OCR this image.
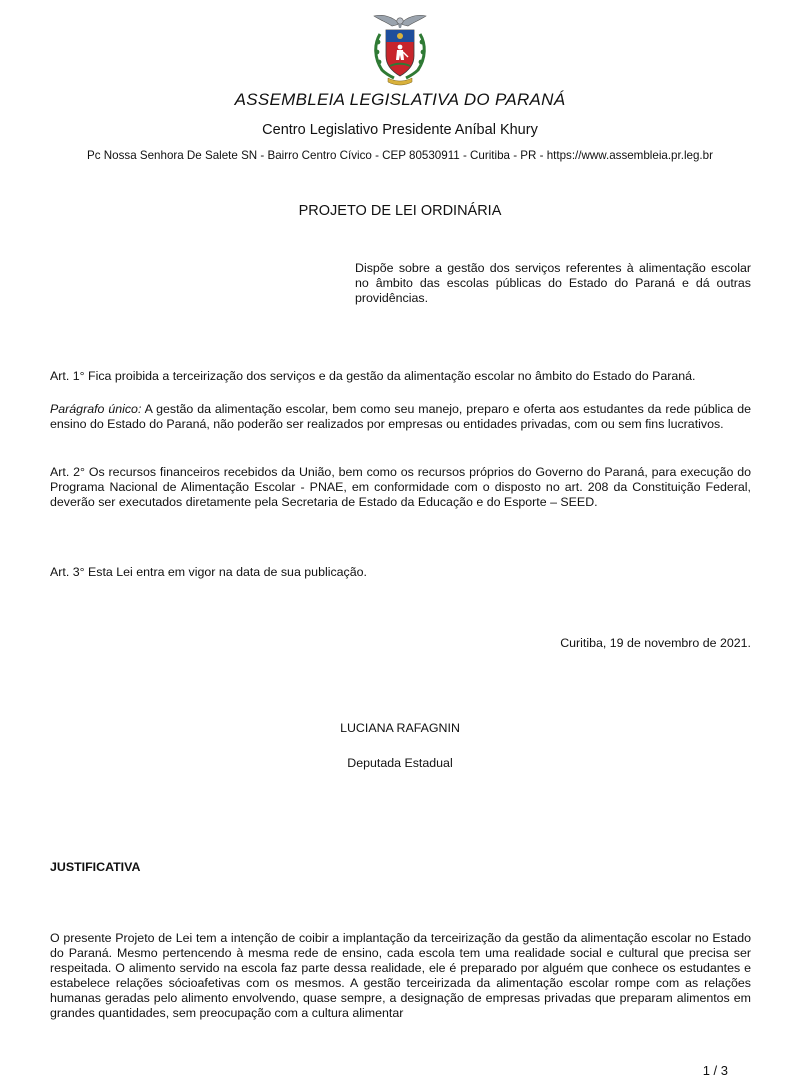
ASSEMBLEIA LEGISLATIVA DO PARANÁ
Centro Legislativo Presidente Aníbal Khury
Pc Nossa Senhora De Salete SN - Bairro Centro Cívico - CEP 80530911 - Curitiba - PR - https://www.assembleia.pr.leg.br
PROJETO DE LEI ORDINÁRIA
Dispõe sobre a gestão dos serviços referentes à alimentação escolar no âmbito das escolas públicas do Estado do Paraná e dá outras providências.
Art. 1° Fica proibida a terceirização dos serviços e da gestão da alimentação escolar no âmbito do Estado do Paraná.
Parágrafo único: A gestão da alimentação escolar, bem como seu manejo, preparo e oferta aos estudantes da rede pública de ensino do Estado do Paraná, não poderão ser realizados por empresas ou entidades privadas, com ou sem fins lucrativos.
Art. 2° Os recursos financeiros recebidos da União, bem como os recursos próprios do Governo do Paraná, para execução do Programa Nacional de Alimentação Escolar - PNAE, em conformidade com o disposto no art. 208 da Constituição Federal, deverão ser executados diretamente pela Secretaria de Estado da Educação e do Esporte – SEED.
Art. 3° Esta Lei entra em vigor na data de sua publicação.
Curitiba, 19 de novembro de 2021.
LUCIANA RAFAGNIN
Deputada Estadual
JUSTIFICATIVA
O presente Projeto de Lei tem a intenção de coibir a implantação da terceirização da gestão da alimentação escolar no Estado do Paraná. Mesmo pertencendo à mesma rede de ensino, cada escola tem uma realidade social e cultural que precisa ser respeitada. O alimento servido na escola faz parte dessa realidade, ele é preparado por alguém que conhece os estudantes e estabelece relações sócioafetivas com os mesmos. A gestão terceirizada da alimentação escolar rompe com as relações humanas geradas pelo alimento envolvendo, quase sempre, a designação de empresas privadas que preparam alimentos em grandes quantidades, sem preocupação com a cultura alimentar
1 / 3
